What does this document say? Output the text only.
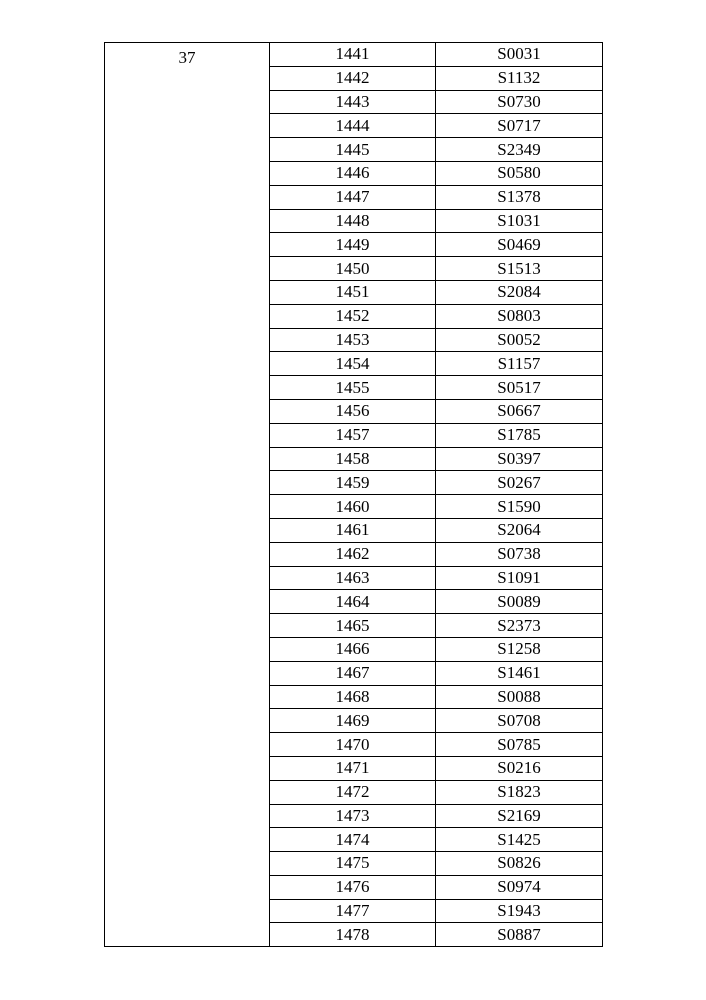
37	1441	S0031
	1442	S1132
	1443	S0730
	1444	S0717
	1445	S2349
	1446	S0580
	1447	S1378
	1448	S1031
	1449	S0469
	1450	S1513
	1451	S2084
	1452	S0803
	1453	S0052
	1454	S1157
	1455	S0517
	1456	S0667
	1457	S1785
	1458	S0397
	1459	S0267
	1460	S1590
	1461	S2064
	1462	S0738
	1463	S1091
	1464	S0089
	1465	S2373
	1466	S1258
	1467	S1461
	1468	S0088
	1469	S0708
	1470	S0785
	1471	S0216
	1472	S1823
	1473	S2169
	1474	S1425
	1475	S0826
	1476	S0974
	1477	S1943
	1478	S0887
